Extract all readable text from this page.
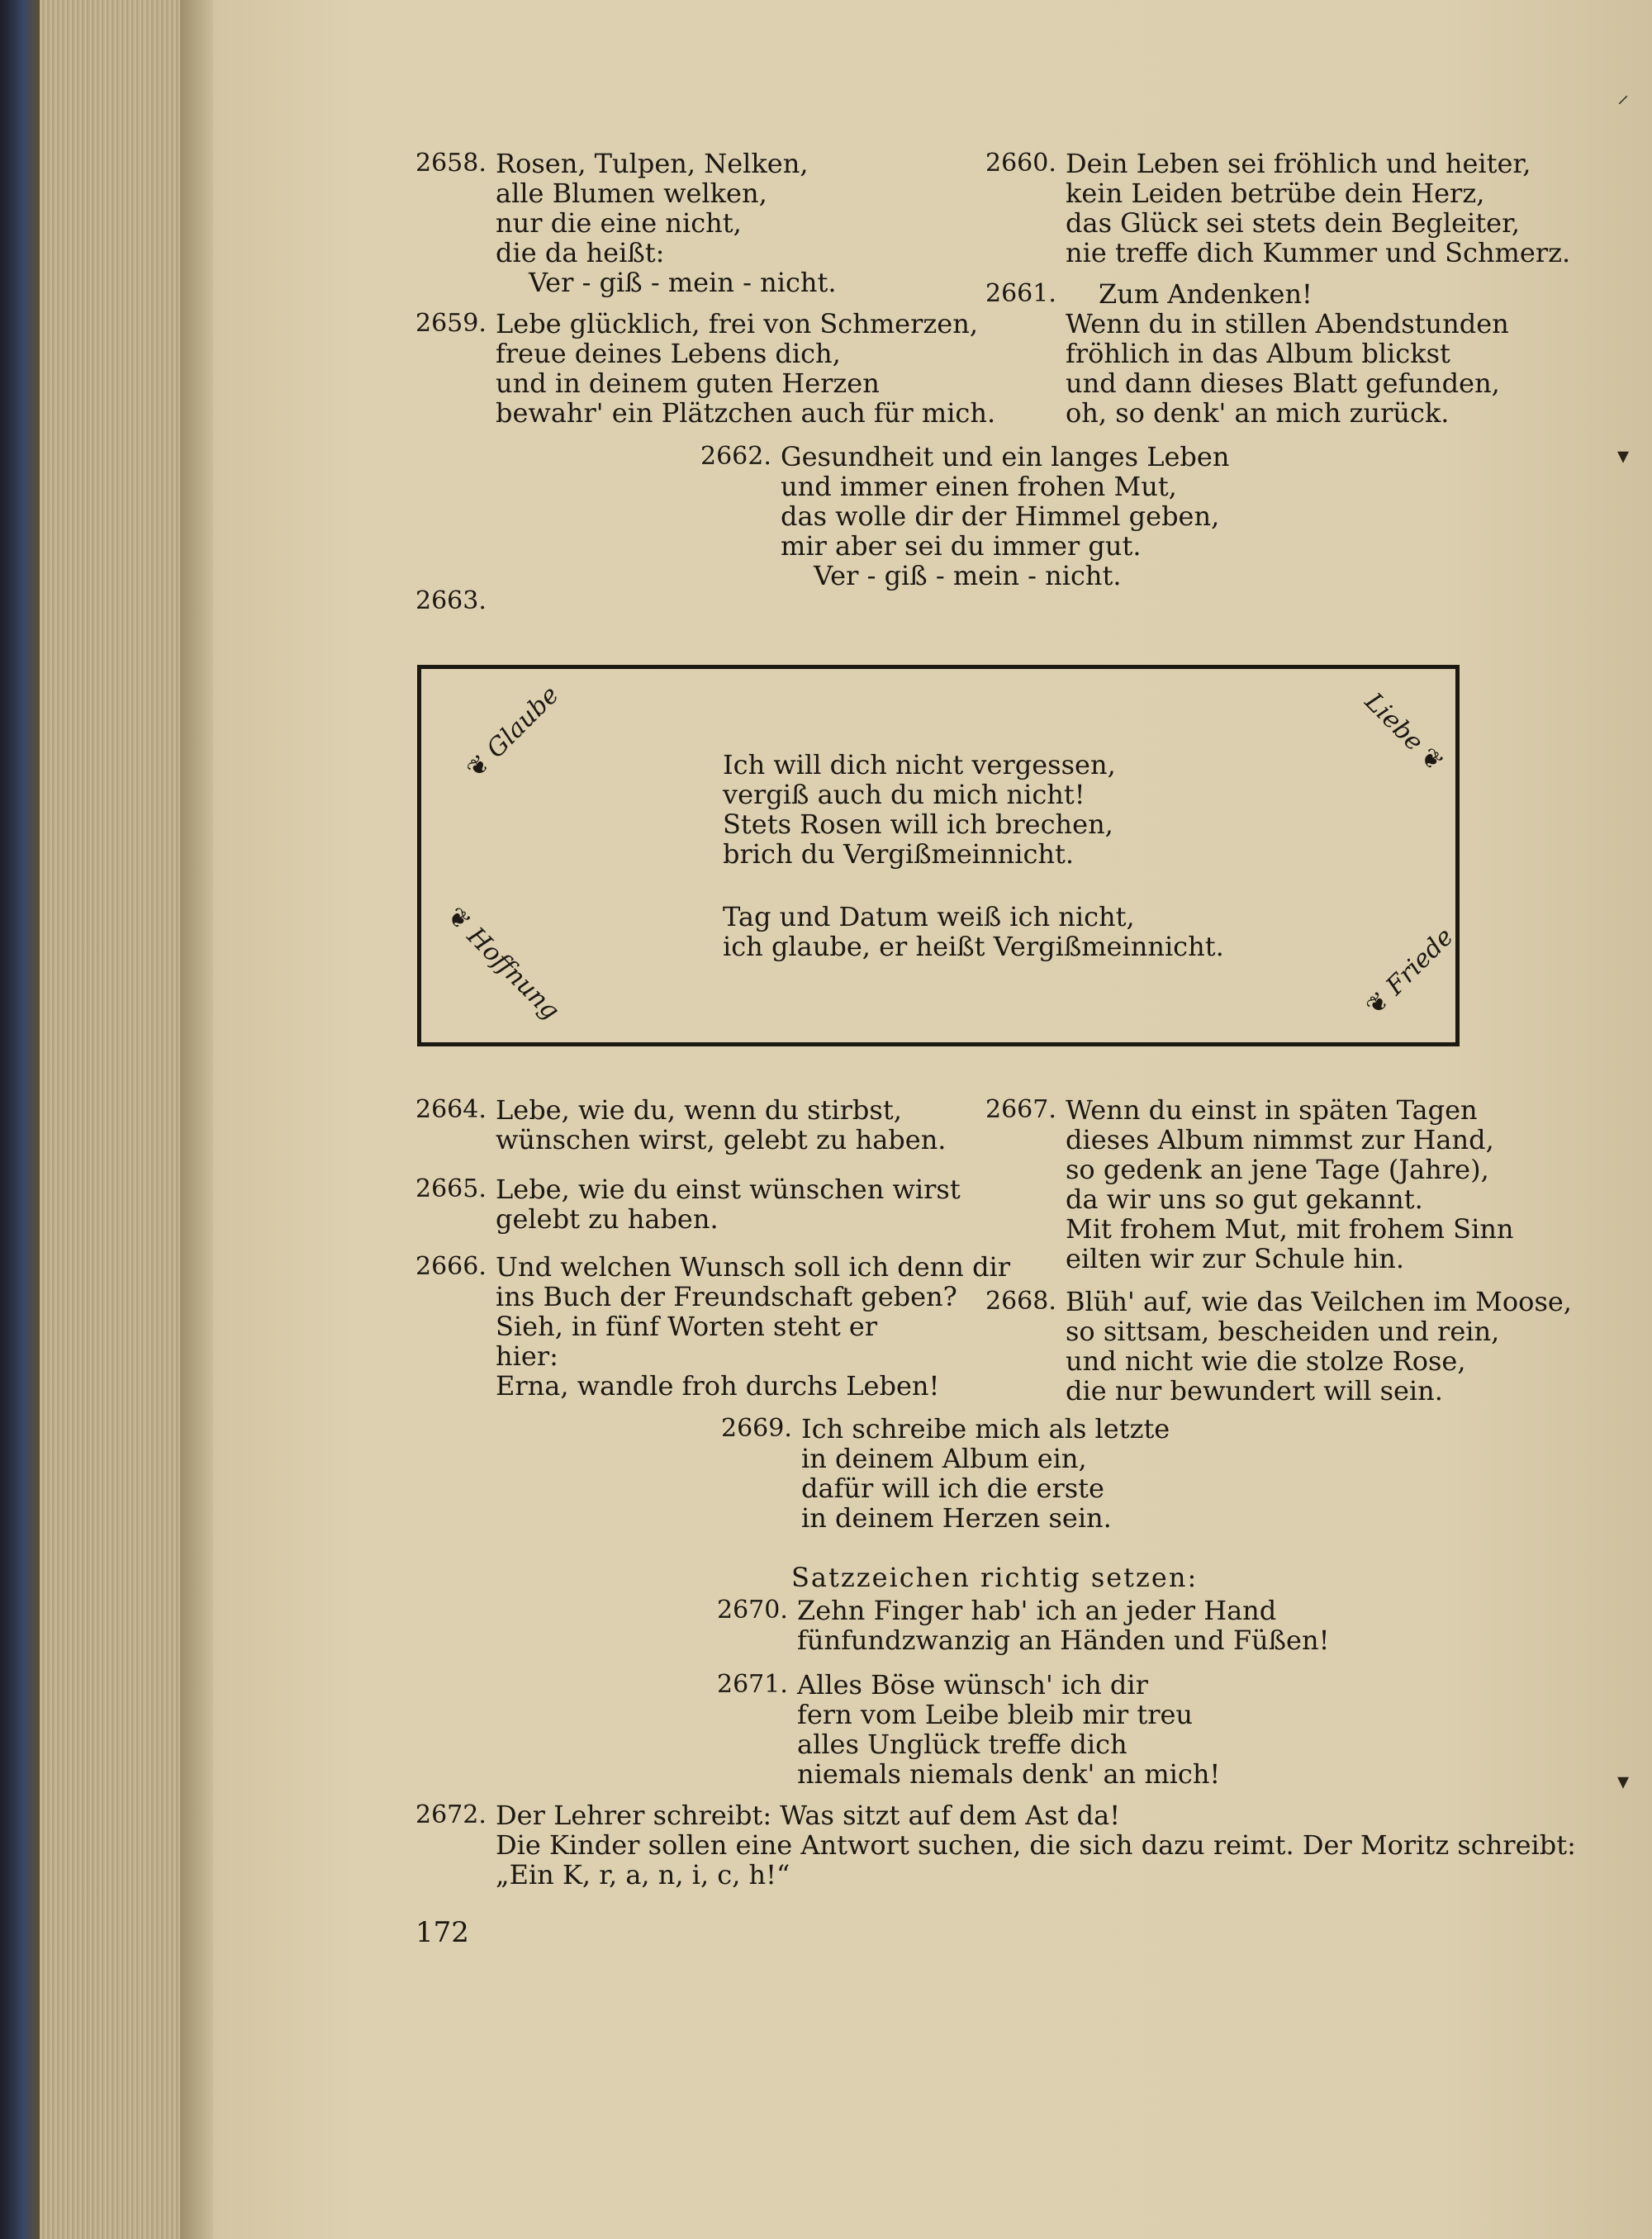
2658. Rosen, Tulpen, Nelken,
alle Blumen welken,
nur die eine nicht,
die da heißt:
Ver - giß - mein - nicht.
2659. Lebe glücklich, frei von Schmerzen,
freue deines Lebens dich,
und in deinem guten Herzen
bewahr' ein Plätzchen auch für mich.
2660. Dein Leben sei fröhlich und heiter,
kein Leiden betrübe dein Herz,
das Glück sei stets dein Begleiter,
nie treffe dich Kummer und Schmerz.
2661.	Zum Andenken!
Wenn du in stillen Abendstunden
fröhlich in das Album blickst
und dann dieses Blatt gefunden,
oh, so denk' an mich zurück.
2662. Gesundheit und ein langes Leben
und immer einen frohen Mut,
das wolle dir der Himmel geben,
mir aber sei du immer gut.
Ver - giß - mein - nicht.
2663.
❦ Glaube	Liebe ❦
❦ Hoffnung	❦ Friede
Ich will dich nicht vergessen,
vergiß auch du mich nicht!
Stets Rosen will ich brechen,
brich du Vergißmeinnicht.
Tag und Datum weiß ich nicht,
ich glaube, er heißt Vergißmeinnicht.
2664. Lebe, wie du, wenn du stirbst,
wünschen wirst, gelebt zu haben.
2665. Lebe, wie du einst wünschen wirst
gelebt zu haben.
2666. Und welchen Wunsch soll ich denn dir
ins Buch der Freundschaft geben?
Sieh, in fünf Worten steht er
hier:
Erna, wandle froh durchs Leben!
2667. Wenn du einst in späten Tagen
dieses Album nimmst zur Hand,
so gedenk an jene Tage (Jahre),
da wir uns so gut gekannt.
Mit frohem Mut, mit frohem Sinn
eilten wir zur Schule hin.
2668. Blüh' auf, wie das Veilchen im Moose,
so sittsam, bescheiden und rein,
und nicht wie die stolze Rose,
die nur bewundert will sein.
2669. Ich schreibe mich als letzte
in deinem Album ein,
dafür will ich die erste
in deinem Herzen sein.
Satzzeichen richtig setzen:
2670. Zehn Finger hab' ich an jeder Hand
fünfundzwanzig an Händen und Füßen!
2671. Alles Böse wünsch' ich dir
fern vom Leibe bleib mir treu
alles Unglück treffe dich
niemals niemals denk' an mich!
2672. Der Lehrer schreibt: Was sitzt auf dem Ast da!
Die Kinder sollen eine Antwort suchen, die sich dazu reimt. Der Moritz schreibt:
„Ein K, r, a, n, i, c, h!“
172
⸝
▾
▾
